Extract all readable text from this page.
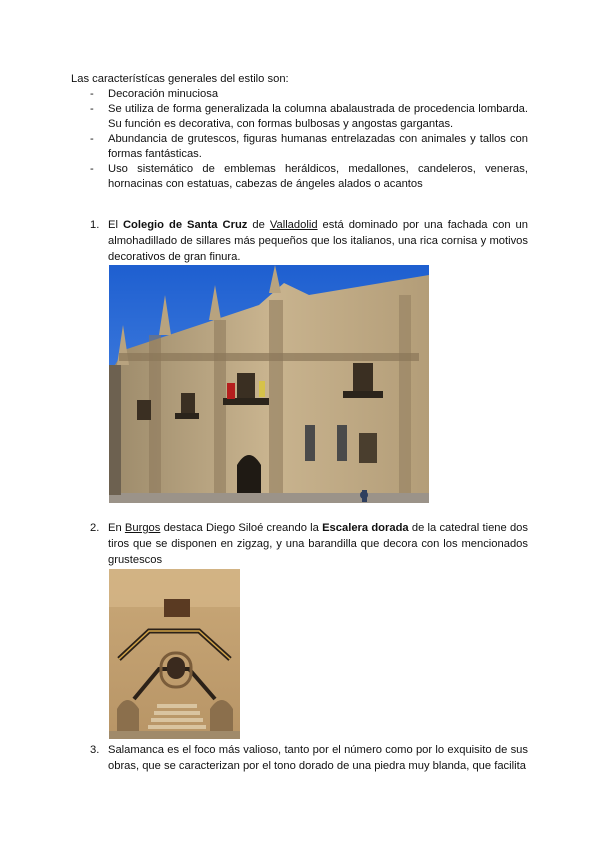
Las característícas generales del estilo son:
- Decoración minuciosa
- Se utiliza de forma generalizada la columna abalaustrada de procedencia lombarda. Su función es decorativa, con formas bulbosas y angostas gargantas.
- Abundancia de grutescos, figuras humanas entrelazadas con animales y tallos con formas fantásticas.
- Uso sistemático de emblemas heráldicos, medallones, candeleros, veneras, hornacinas con estatuas, cabezas de ángeles alados o acantos
1. El Colegio de Santa Cruz de Valladolid está dominado por una fachada con un almohadillado de sillares más pequeños que los italianos, una rica cornisa y motivos decorativos de gran finura.
2. En Burgos destaca Diego Siloé creando la Escalera dorada de la catedral tiene dos tiros que se disponen en zigzag, y una barandilla que decora con los mencionados grustescos
3. Salamanca es el foco más valioso, tanto por el número como por lo exquisito de sus obras, que se caracterizan por el tono dorado de una piedra muy blanda, que facilita
